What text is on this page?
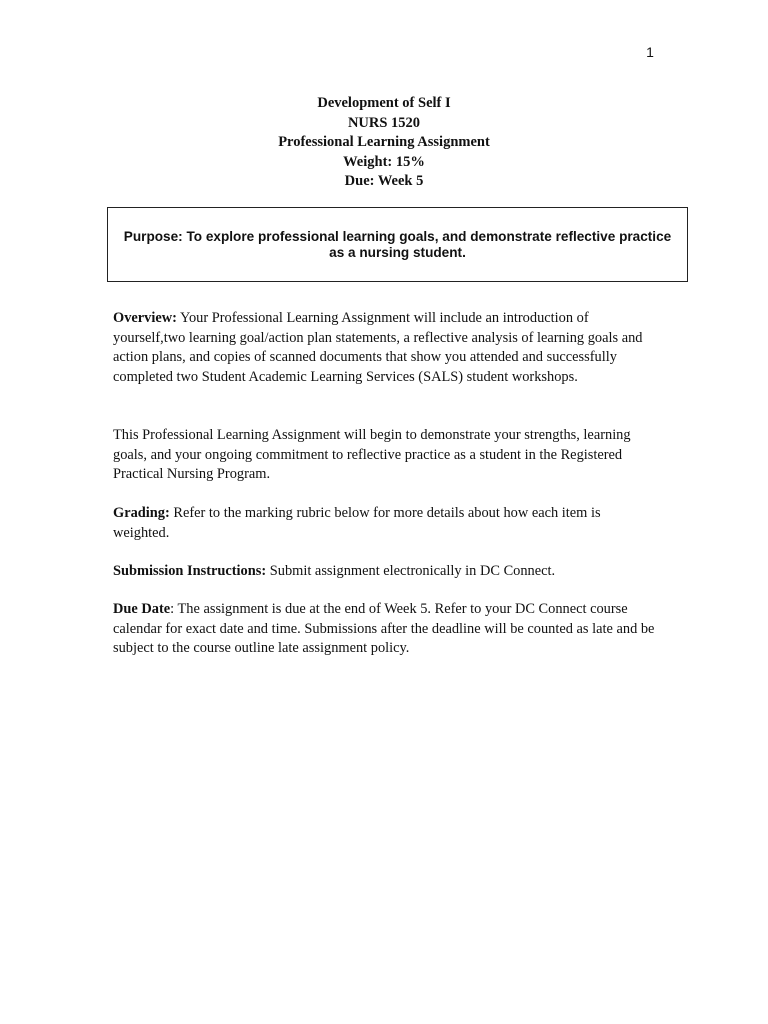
1
Development of Self I
NURS 1520
Professional Learning Assignment
Weight: 15%
Due: Week 5
Purpose: To explore professional learning goals, and demonstrate reflective practice as a nursing student.

Overview: Your Professional Learning Assignment will include an introduction of yourself,two learning goal/action plan statements, a reflective analysis of learning goals and action plans, and copies of scanned documents that show you attended and successfully completed two Student Academic Learning Services (SALS) student workshops.

This Professional Learning Assignment will begin to demonstrate your strengths, learning goals, and your ongoing commitment to reflective practice as a student in the Registered Practical Nursing Program.

Grading: Refer to the marking rubric below for more details about how each item is weighted.

Submission Instructions: Submit assignment electronically in DC Connect.

Due Date: The assignment is due at the end of Week 5. Refer to your DC Connect course calendar for exact date and time. Submissions after the deadline will be counted as late and be subject to the course outline late assignment policy.
